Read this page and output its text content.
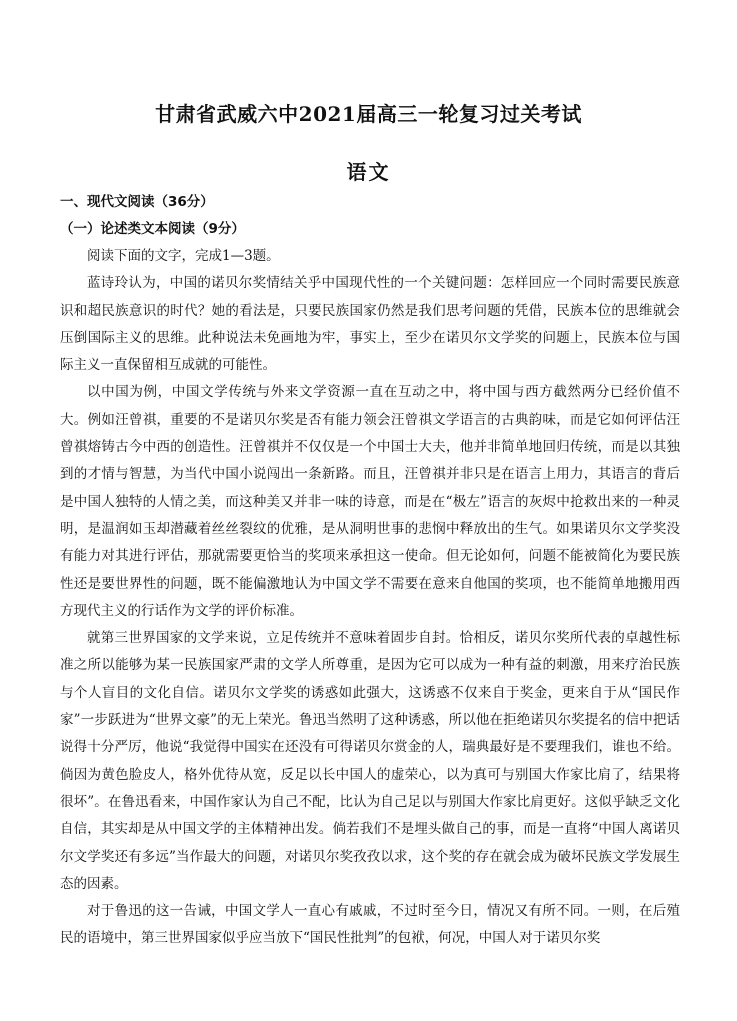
甘肃省武威六中2021届高三一轮复习过关考试
语文
一、现代文阅读（36分）
（一）论述类文本阅读（9分）

阅读下面的文字，完成1—3题。

蓝诗玲认为，中国的诺贝尔奖情结关乎中国现代性的一个关键问题：怎样回应一个同时需要民族意识和超民族意识的时代？她的看法是，只要民族国家仍然是我们思考问题的凭借，民族本位的思维就会压倒国际主义的思维。此种说法未免画地为牢，事实上，至少在诺贝尔文学奖的问题上，民族本位与国际主义一直保留相互成就的可能性。

以中国为例，中国文学传统与外来文学资源一直在互动之中，将中国与西方截然两分已经价值不大。例如汪曾祺，重要的不是诺贝尔奖是否有能力领会汪曾祺文学语言的古典韵味，而是它如何评估汪曾祺熔铸古今中西的创造性。汪曾祺并不仅仅是一个中国士大夫，他并非简单地回归传统，而是以其独到的才情与智慧，为当代中国小说闯出一条新路。而且，汪曾祺并非只是在语言上用力，其语言的背后是中国人独特的人情之美，而这种美又并非一味的诗意，而是在“极左”语言的灰烬中抢救出来的一种灵明，是温润如玉却潜藏着丝丝裂纹的优雅，是从洞明世事的悲悯中释放出的生气。如果诺贝尔文学奖没有能力对其进行评估，那就需要更恰当的奖项来承担这一使命。但无论如何，问题不能被简化为要民族性还是要世界性的问题，既不能偏激地认为中国文学不需要在意来自他国的奖项，也不能简单地搬用西方现代主义的行话作为文学的评价标准。

就第三世界国家的文学来说，立足传统并不意味着固步自封。恰相反，诺贝尔奖所代表的卓越性标准之所以能够为某一民族国家严肃的文学人所尊重，是因为它可以成为一种有益的刺激，用来疗治民族与个人盲目的文化自信。诺贝尔文学奖的诱惑如此强大，这诱惑不仅来自于奖金，更来自于从“国民作家”一步跃进为“世界文豪”的无上荣光。鲁迅当然明了这种诱惑，所以他在拒绝诺贝尔奖提名的信中把话说得十分严厉，他说“我觉得中国实在还没有可得诺贝尔赏金的人，瑞典最好是不要理我们，谁也不给。倘因为黄色脸皮人，格外优待从宽，反足以长中国人的虚荣心，以为真可与别国大作家比肩了，结果将很坏”。在鲁迅看来，中国作家认为自己不配，比认为自己足以与别国大作家比肩更好。这似乎缺乏文化自信，其实却是从中国文学的主体精神出发。倘若我们不是埋头做自己的事，而是一直将“中国人离诺贝尔文学奖还有多远”当作最大的问题，对诺贝尔奖孜孜以求，这个奖的存在就会成为破坏民族文学发展生态的因素。

对于鲁迅的这一告诫，中国文学人一直心有戚戚，不过时至今日，情况又有所不同。一则，在后殖民的语境中，第三世界国家似乎应当放下“国民性批判”的包袱，何况，中国人对于诺贝尔奖
